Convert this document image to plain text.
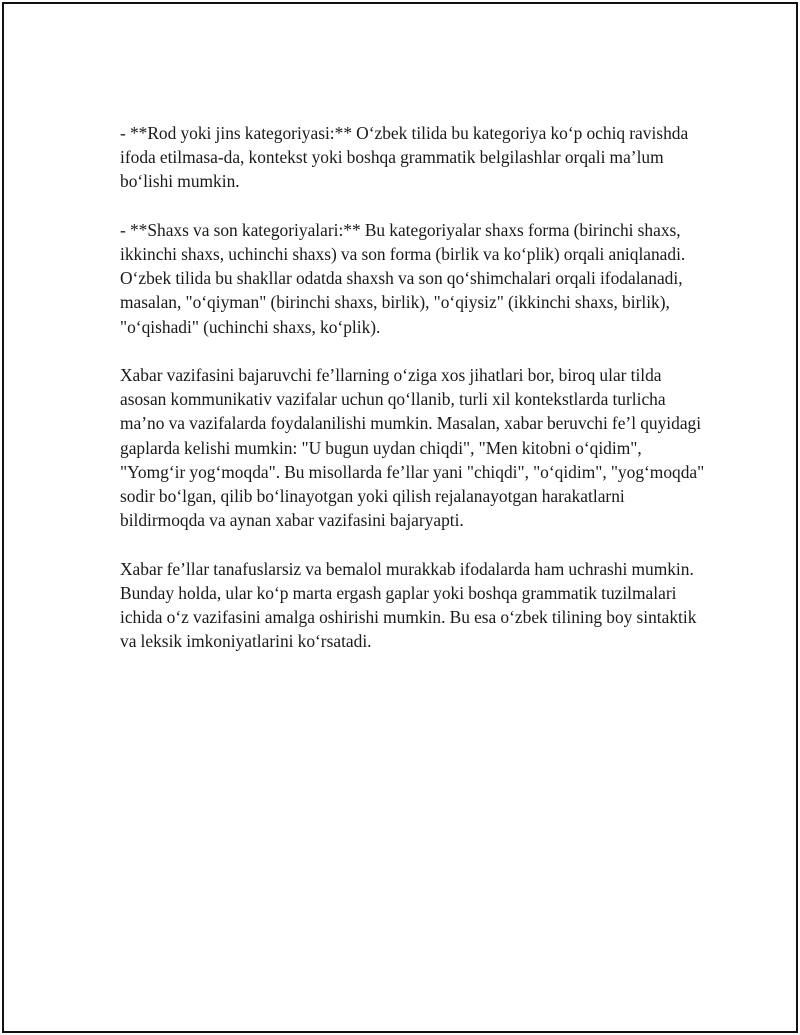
- **Rod yoki jins kategoriyasi:** O‘zbek tilida bu kategoriya ko‘p ochiq ravishda ifoda etilmasa-da, kontekst yoki boshqa grammatik belgilashlar orqali ma’lum bo‘lishi mumkin.

- **Shaxs va son kategoriyalari:** Bu kategoriyalar shaxs forma (birinchi shaxs, ikkinchi shaxs, uchinchi shaxs) va son forma (birlik va ko‘plik) orqali aniqlanadi. O‘zbek tilida bu shakllar odatda shaxsh va son qo‘shimchalari orqali ifodalanadi, masalan, "o‘qiyman" (birinchi shaxs, birlik), "o‘qiysiz" (ikkinchi shaxs, birlik), "o‘qishadi" (uchinchi shaxs, ko‘plik).

Xabar vazifasini bajaruvchi fe’llarning o‘ziga xos jihatlari bor, biroq ular tilda asosan kommunikativ vazifalar uchun qo‘llanib, turli xil kontekstlarda turlicha ma’no va vazifalarda foydalanilishi mumkin. Masalan, xabar beruvchi fe’l quyidagi gaplarda kelishi mumkin: "U bugun uydan chiqdi", "Men kitobni o‘qidim", "Yomg‘ir yog‘moqda". Bu misollarda fe’llar yani "chiqdi", "o‘qidim", "yog‘moqda" sodir bo‘lgan, qilib bo‘linayotgan yoki qilish rejalanayotgan harakatlarni bildirmoqda va aynan xabar vazifasini bajaryapti.

Xabar fe’llar tanafuslarsiz va bemalol murakkab ifodalarda ham uchrashi mumkin. Bunday holda, ular ko‘p marta ergash gaplar yoki boshqa grammatik tuzilmalari ichida o‘z vazifasini amalga oshirishi mumkin. Bu esa o‘zbek tilining boy sintaktik va leksik imkoniyatlarini ko‘rsatadi.
